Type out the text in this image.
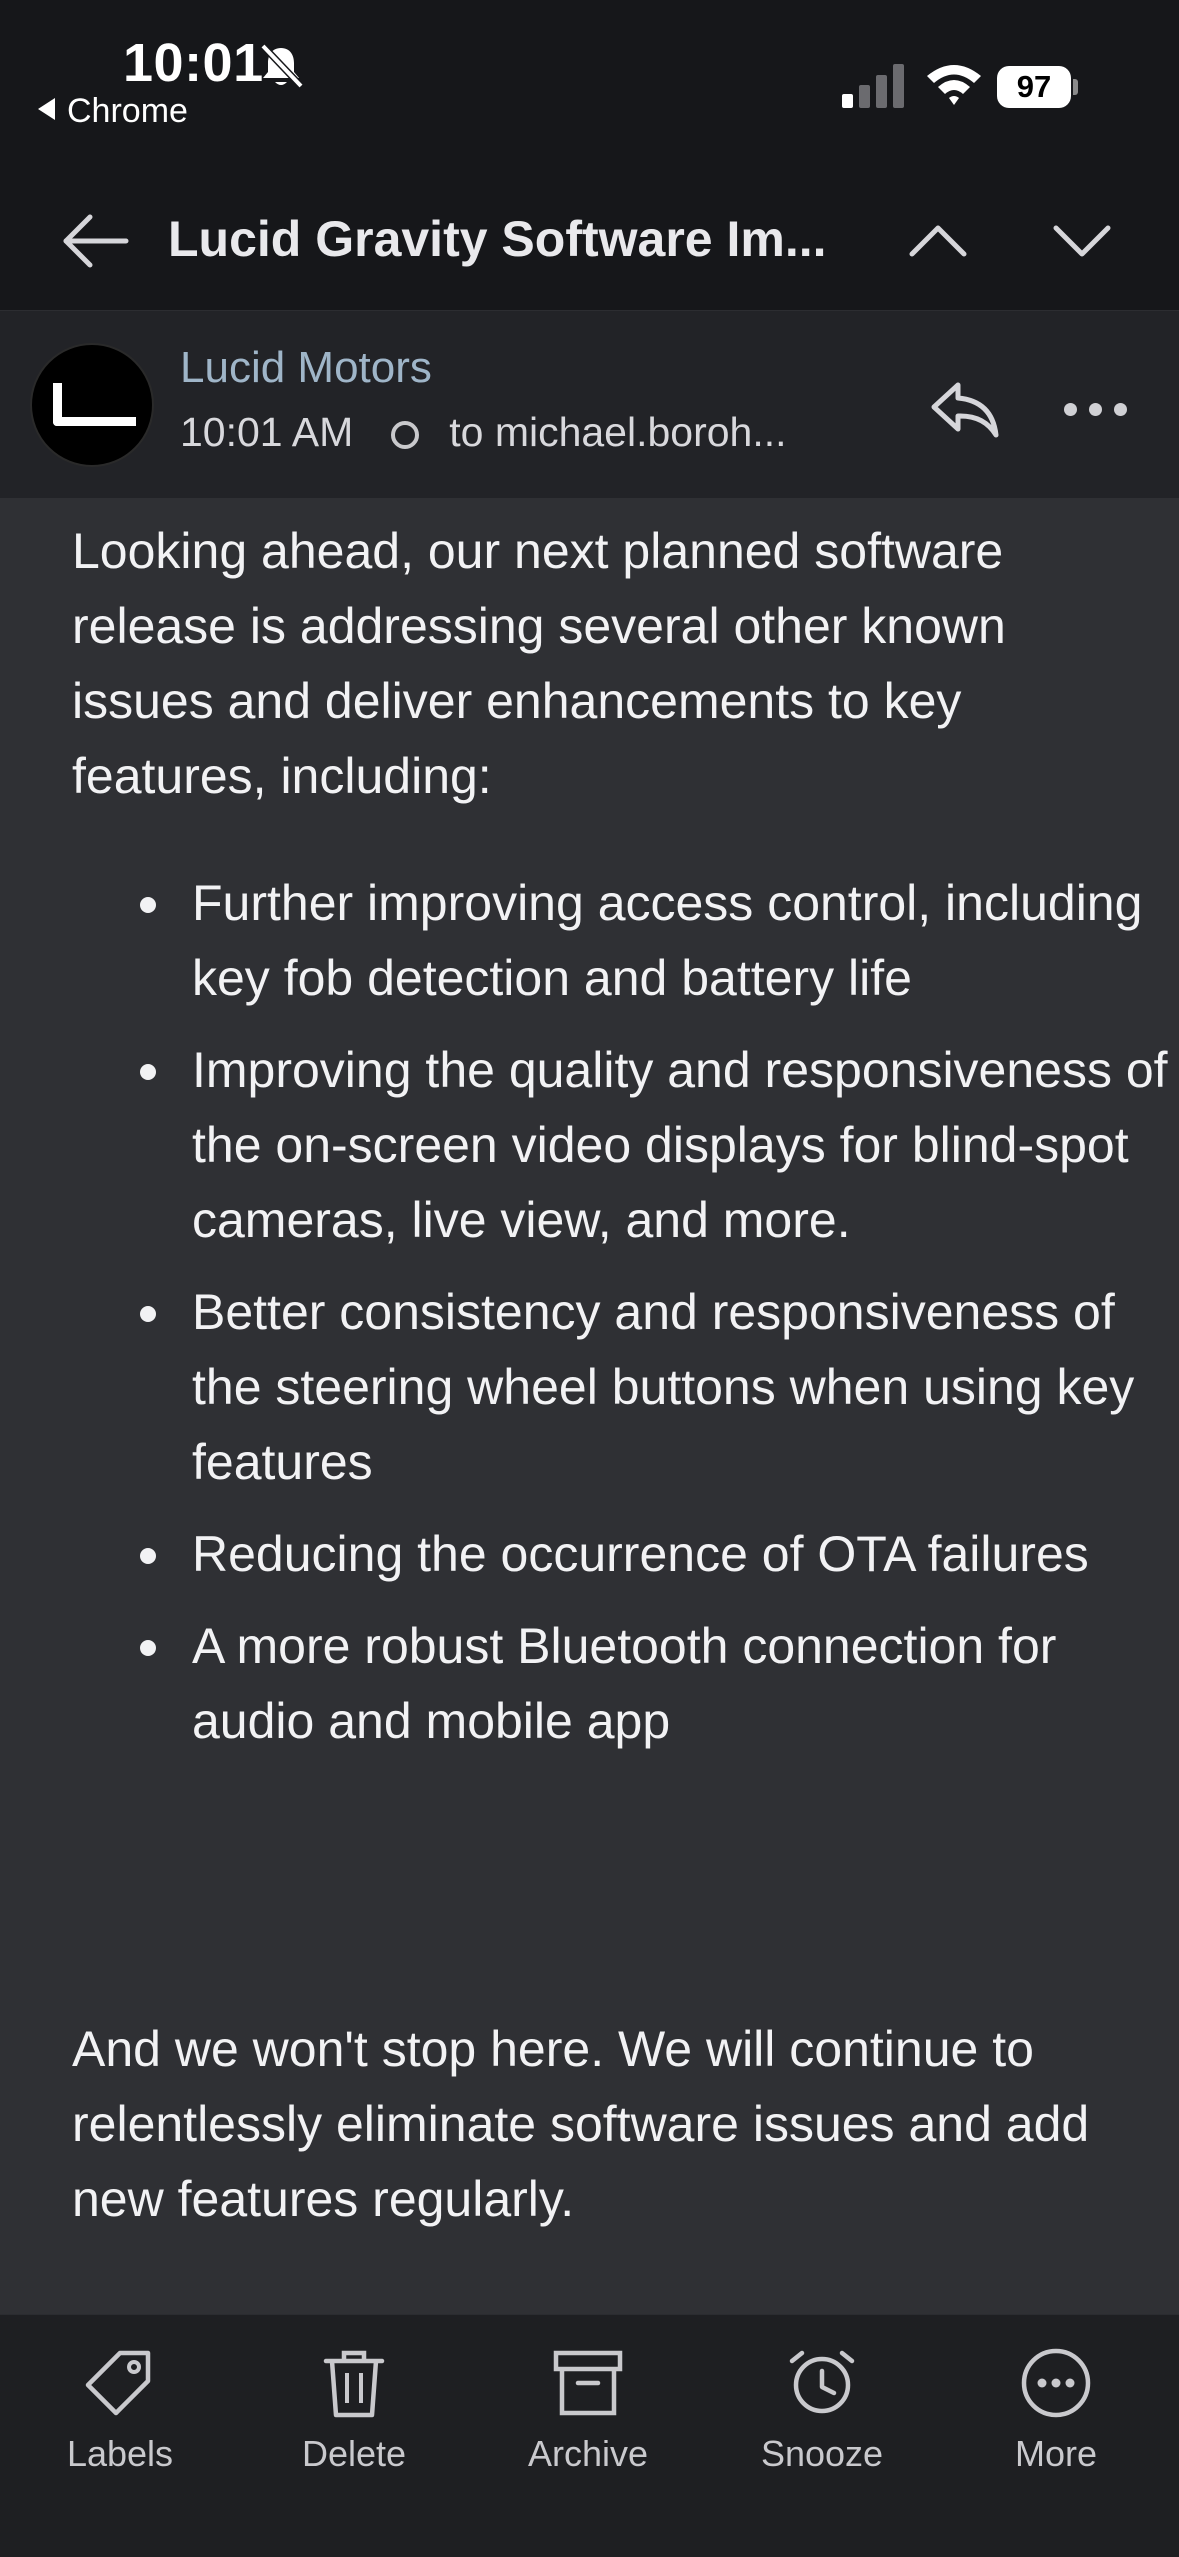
10:01
Chrome
97
Lucid Gravity Software Im...
Lucid Motors
10:01 AM to michael.boroh...

Looking ahead, our next planned software release is addressing several other known issues and deliver enhancements to key features, including:

Further improving access control, including key fob detection and battery life
Improving the quality and responsiveness of the on-screen video displays for blind-spot cameras, live view, and more.
Better consistency and responsiveness of the steering wheel buttons when using key features
Reducing the occurrence of OTA failures
A more robust Bluetooth connection for audio and mobile app

And we won't stop here. We will continue to relentlessly eliminate software issues and add new features regularly.

Labels	Delete	Archive	Snooze	More
